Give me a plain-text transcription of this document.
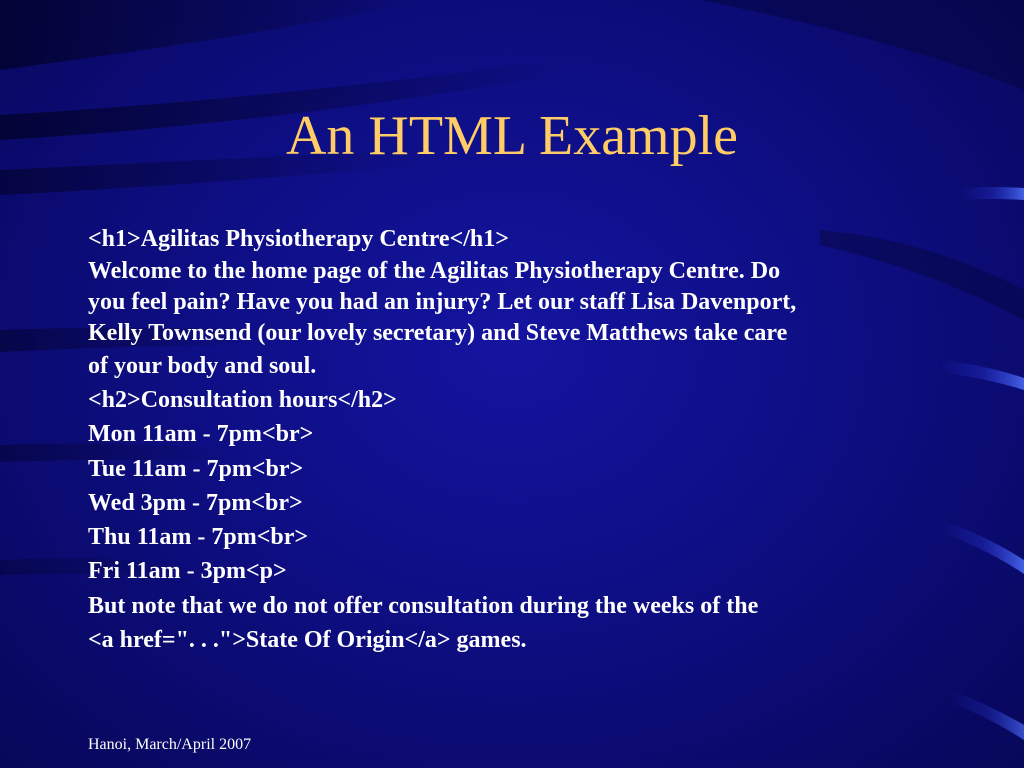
An HTML Example
<h1>Agilitas Physiotherapy Centre</h1>
Welcome to the home page of the Agilitas Physiotherapy Centre. Do
you feel pain? Have you had an injury? Let our staff Lisa Davenport,
Kelly Townsend (our lovely secretary) and Steve Matthews take care
of your body and soul.
<h2>Consultation hours</h2>
Mon 11am - 7pm<br>
Tue 11am - 7pm<br>
Wed 3pm - 7pm<br>
Thu 11am - 7pm<br>
Fri 11am - 3pm<p>
But note that we do not offer consultation during the weeks of the
<a href=". . .">State Of Origin</a> games.
Hanoi, March/April 2007
